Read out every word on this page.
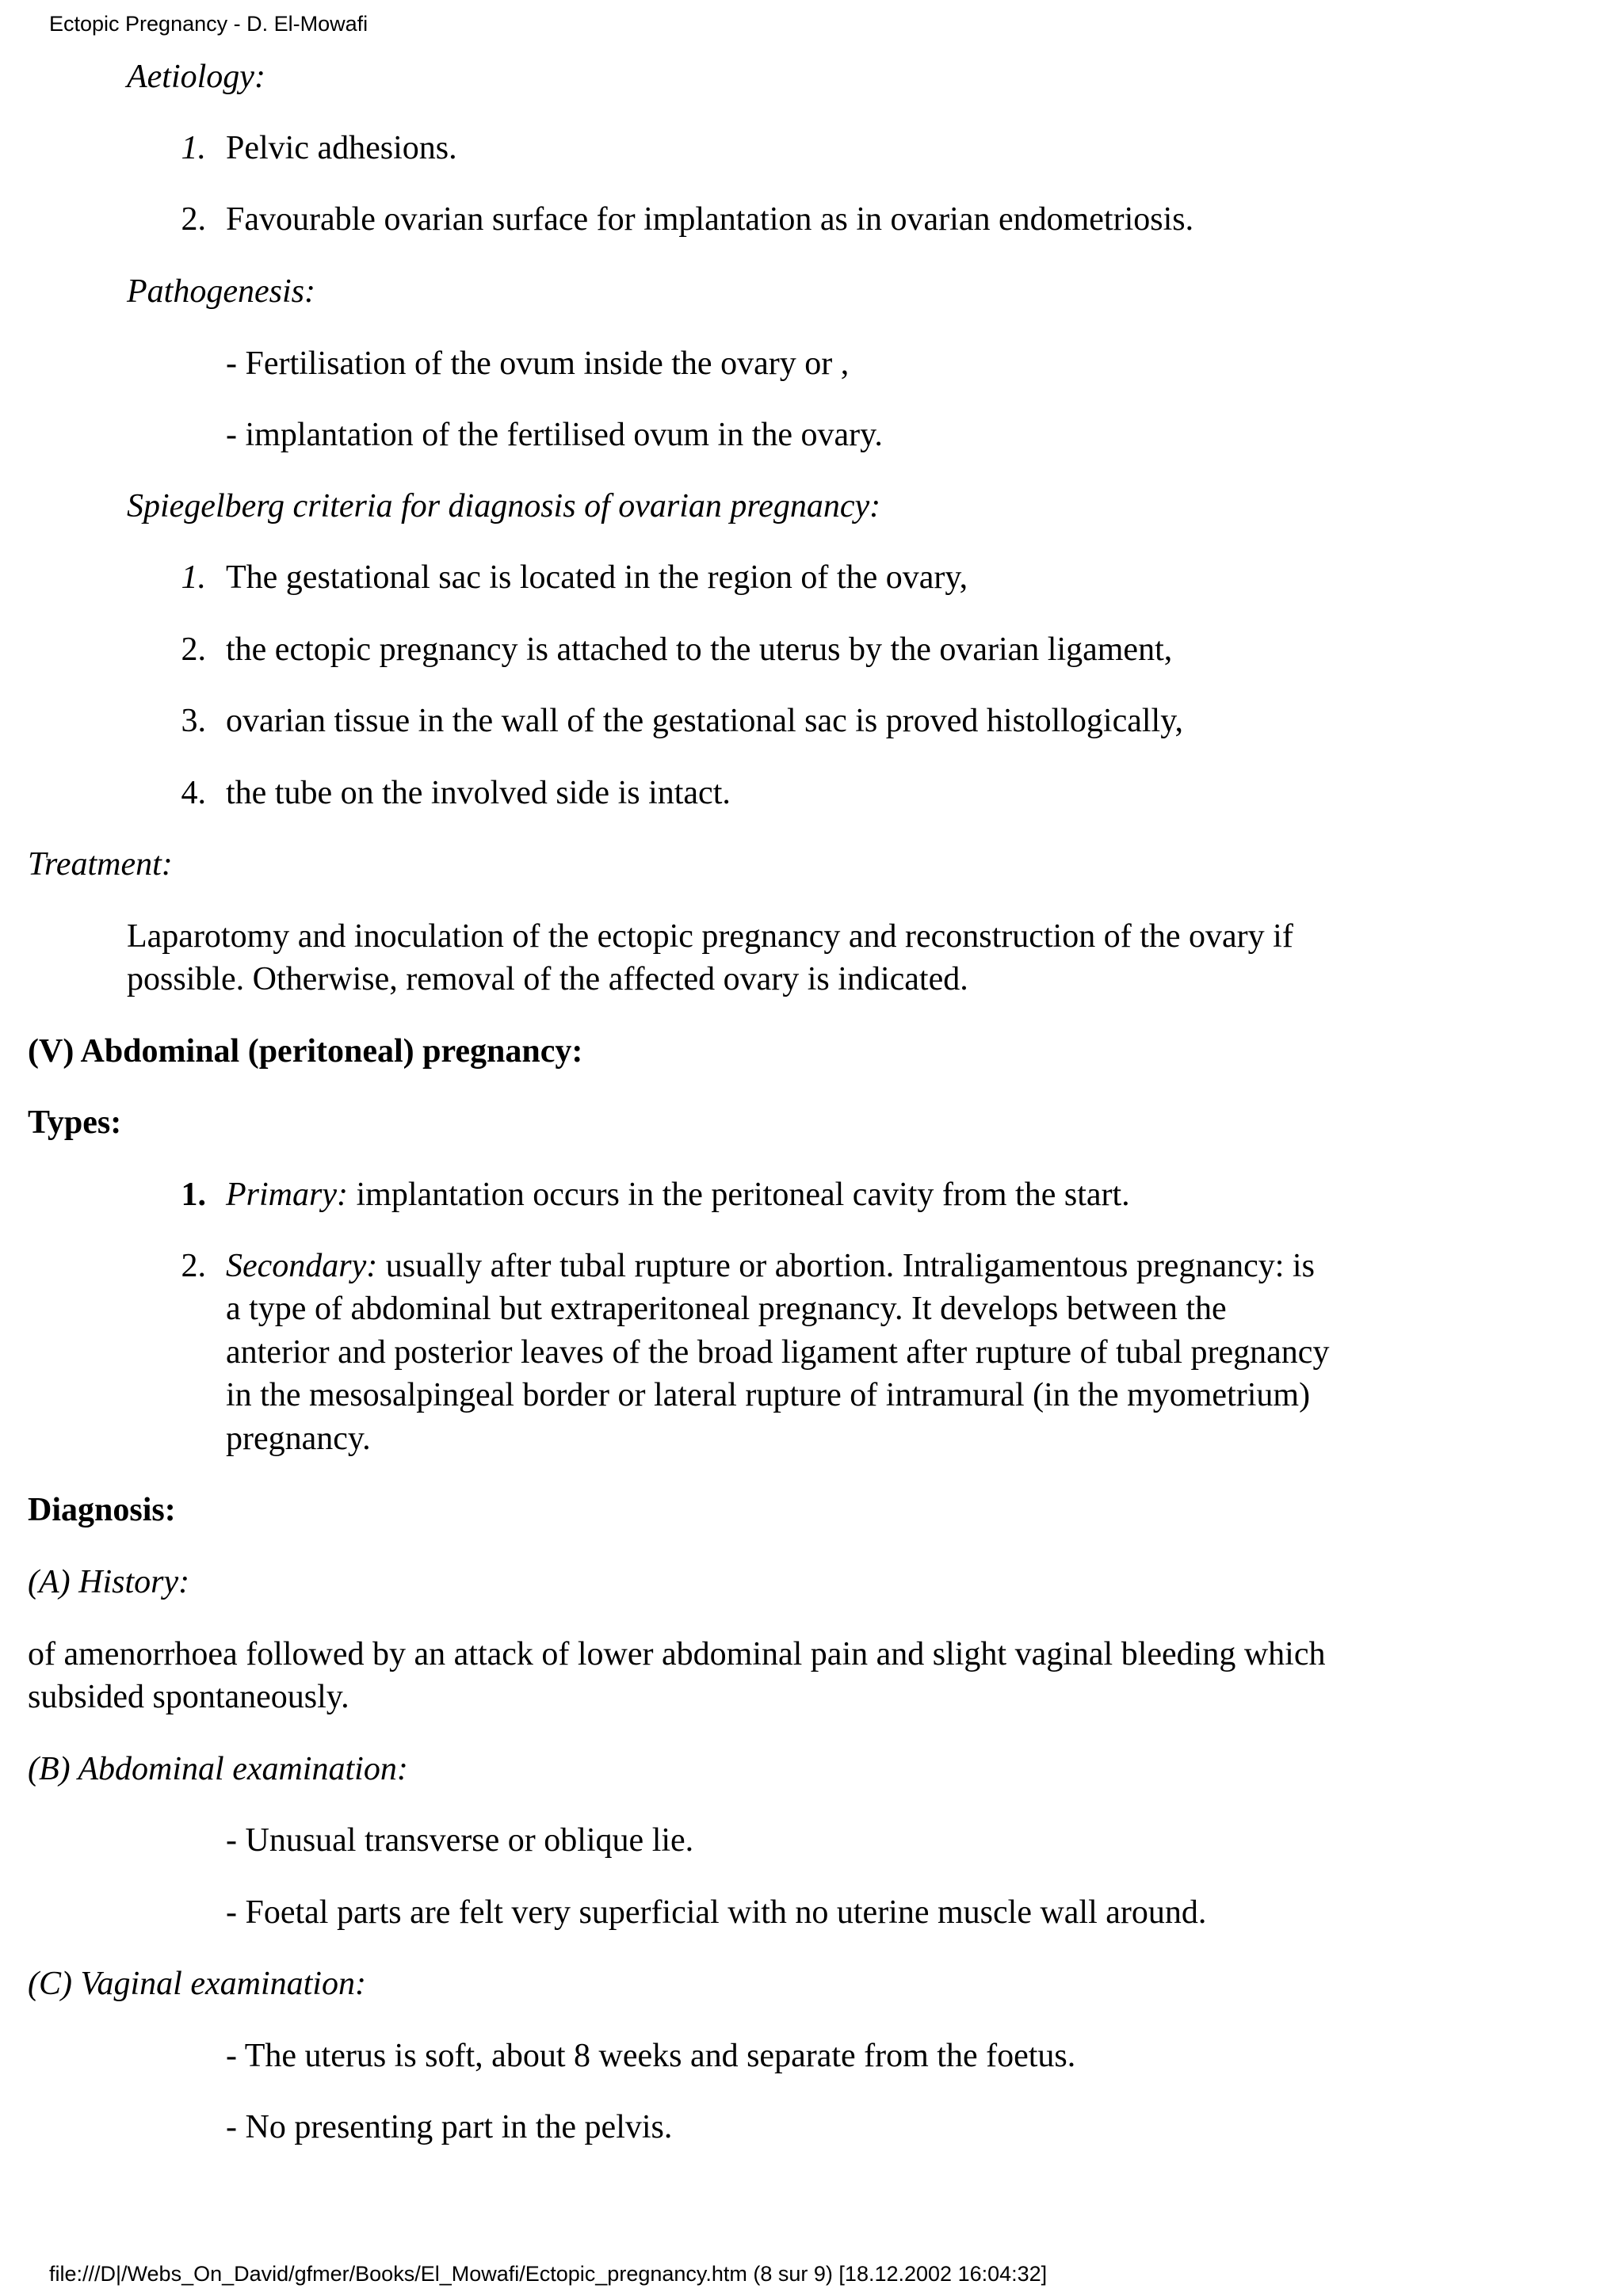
Ectopic Pregnancy - D. El-Mowafi
Aetiology:
1. Pelvic adhesions.
2. Favourable ovarian surface for implantation as in ovarian endometriosis.
Pathogenesis:
- Fertilisation of the ovum inside the ovary or ,
- implantation of the fertilised ovum in the ovary.
Spiegelberg criteria for diagnosis of ovarian pregnancy:
1. The gestational sac is located in the region of the ovary,
2. the ectopic pregnancy is attached to the uterus by the ovarian ligament,
3. ovarian tissue in the wall of the gestational sac is proved histollogically,
4. the tube on the involved side is intact.
Treatment:
Laparotomy and inoculation of the ectopic pregnancy and reconstruction of the ovary if
possible. Otherwise, removal of the affected ovary is indicated.
(V) Abdominal (peritoneal) pregnancy:
Types:
1. Primary: implantation occurs in the peritoneal cavity from the start.
2. Secondary: usually after tubal rupture or abortion. Intraligamentous pregnancy: is
a type of abdominal but extraperitoneal pregnancy. It develops between the
anterior and posterior leaves of the broad ligament after rupture of tubal pregnancy
in the mesosalpingeal border or lateral rupture of intramural (in the myometrium)
pregnancy.
Diagnosis:
(A) History:
of amenorrhoea followed by an attack of lower abdominal pain and slight vaginal bleeding which
subsided spontaneously.
(B) Abdominal examination:
- Unusual transverse or oblique lie.
- Foetal parts are felt very superficial with no uterine muscle wall around.
(C) Vaginal examination:
- The uterus is soft, about 8 weeks and separate from the foetus.
- No presenting part in the pelvis.
file:///D|/Webs_On_David/gfmer/Books/El_Mowafi/Ectopic_pregnancy.htm (8 sur 9) [18.12.2002 16:04:32]
